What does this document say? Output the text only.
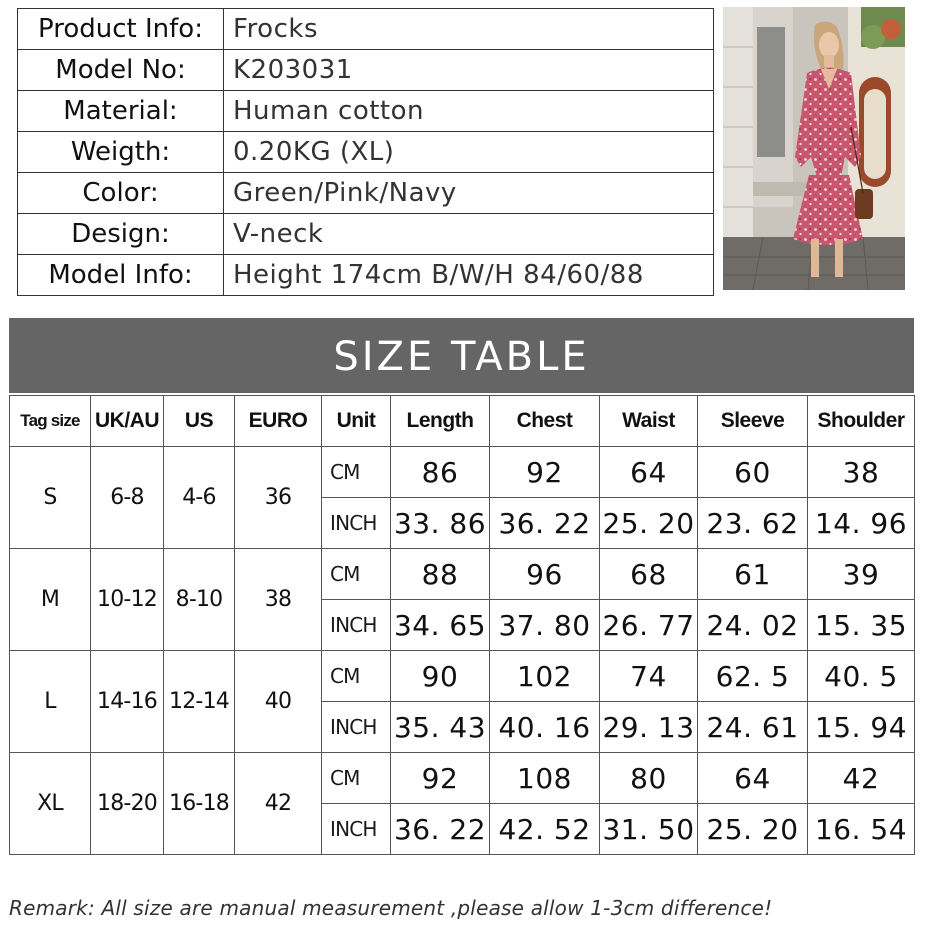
Product Info:	Frocks
Model No:	K203031
Material:	Human cotton
Weigth:	0.20KG (XL)
Color:	Green/Pink/Navy
Design:	V-neck
Model Info:	Height 174cm B/W/H 84/60/88
SIZE TABLE
Tag size	UK/AU	US	EURO	Unit	Length	Chest	Waist	Sleeve	Shoulder
S	6-8	4-6	36	CM	86	92	64	60	38
				INCH	33. 86	36. 22	25. 20	23. 62	14. 96
M	10-12	8-10	38	CM	88	96	68	61	39
				INCH	34. 65	37. 80	26. 77	24. 02	15. 35
L	14-16	12-14	40	CM	90	102	74	62. 5	40. 5
				INCH	35. 43	40. 16	29. 13	24. 61	15. 94
XL	18-20	16-18	42	CM	92	108	80	64	42
				INCH	36. 22	42. 52	31. 50	25. 20	16. 54
Remark: All size are manual measurement ,please allow 1-3cm difference!
